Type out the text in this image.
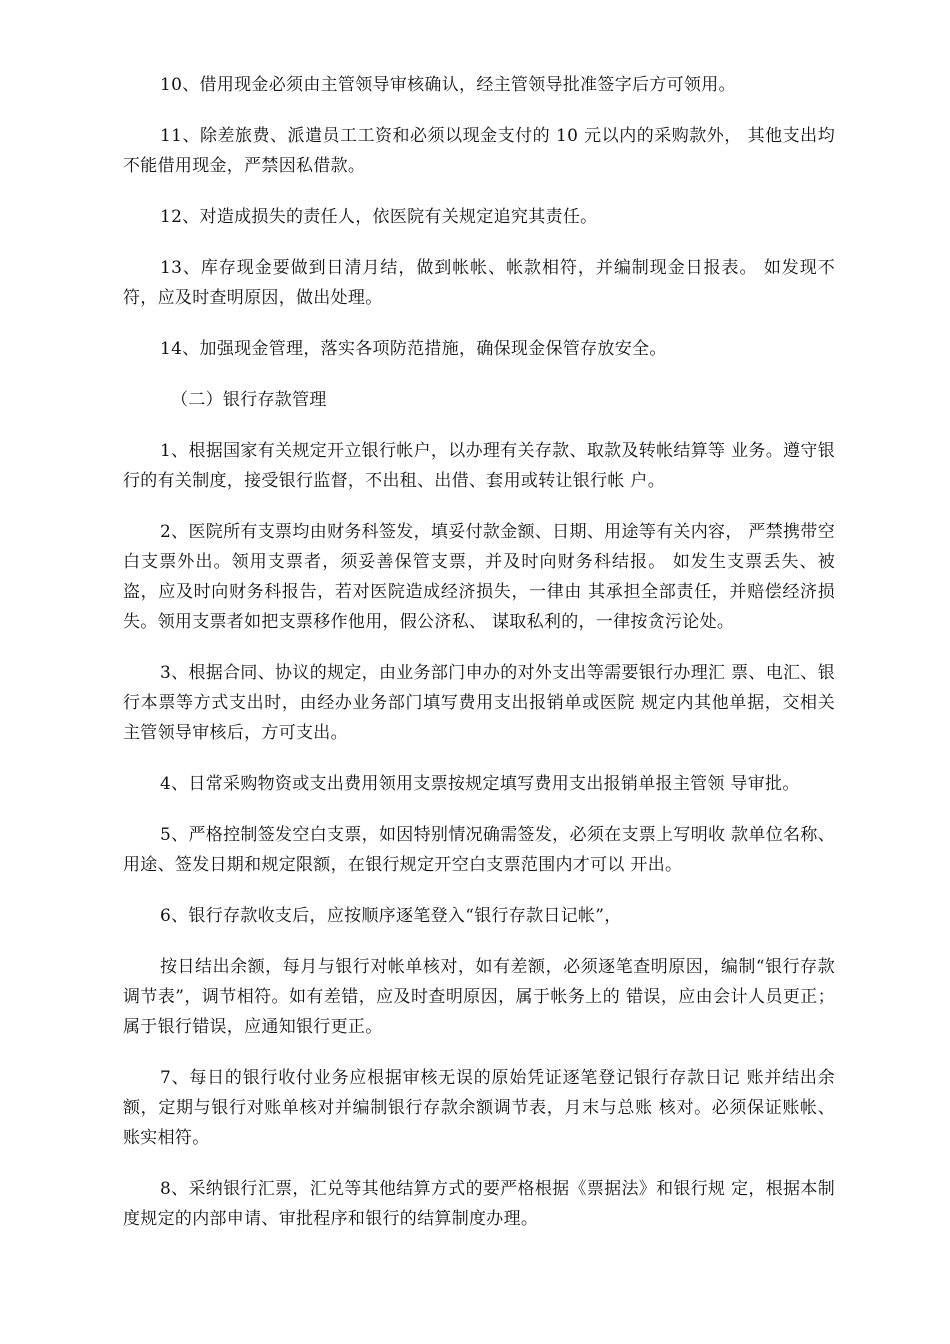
10、借用现金必须由主管领导审核确认，经主管领导批准签字后方可领用。

11、除差旅费、派遣员工工资和必须以现金支付的 10 元以内的采购款外， 其他支出均不能借用现金，严禁因私借款。

12、对造成损失的责任人，依医院有关规定追究其责任。

13、库存现金要做到日清月结，做到帐帐、帐款相符，并编制现金日报表。 如发现不符，应及时查明原因，做出处理。

14、加强现金管理，落实各项防范措施，确保现金保管存放安全。

（二）银行存款管理

1、根据国家有关规定开立银行帐户，以办理有关存款、取款及转帐结算等 业务。遵守银行的有关制度，接受银行监督，不出租、出借、套用或转让银行帐 户。

2、医院所有支票均由财务科签发，填妥付款金额、日期、用途等有关内容， 严禁携带空白支票外出。领用支票者，须妥善保管支票，并及时向财务科结报。 如发生支票丢失、被盗，应及时向财务科报告，若对医院造成经济损失，一律由 其承担全部责任，并赔偿经济损失。领用支票者如把支票移作他用，假公济私、 谋取私利的，一律按贪污论处。

3、根据合同、协议的规定，由业务部门申办的对外支出等需要银行办理汇 票、电汇、银行本票等方式支出时，由经办业务部门填写费用支出报销单或医院 规定内其他单据，交相关主管领导审核后，方可支出。

4、日常采购物资或支出费用领用支票按规定填写费用支出报销单报主管领 导审批。

5、严格控制签发空白支票，如因特别情况确需签发，必须在支票上写明收 款单位名称、用途、签发日期和规定限额，在银行规定开空白支票范围内才可以 开出。

6、银行存款收支后，应按顺序逐笔登入“银行存款日记帐”，

按日结出余额，每月与银行对帐单核对，如有差额，必须逐笔查明原因，编制“银行存款调节表”，调节相符。如有差错，应及时查明原因，属于帐务上的 错误，应由会计人员更正；属于银行错误，应通知银行更正。

7、每日的银行收付业务应根据审核无误的原始凭证逐笔登记银行存款日记 账并结出余额，定期与银行对账单核对并编制银行存款余额调节表，月末与总账 核对。必须保证账帐、账实相符。

8、采纳银行汇票，汇兑等其他结算方式的要严格根据《票据法》和银行规 定，根据本制度规定的内部申请、审批程序和银行的结算制度办理。
